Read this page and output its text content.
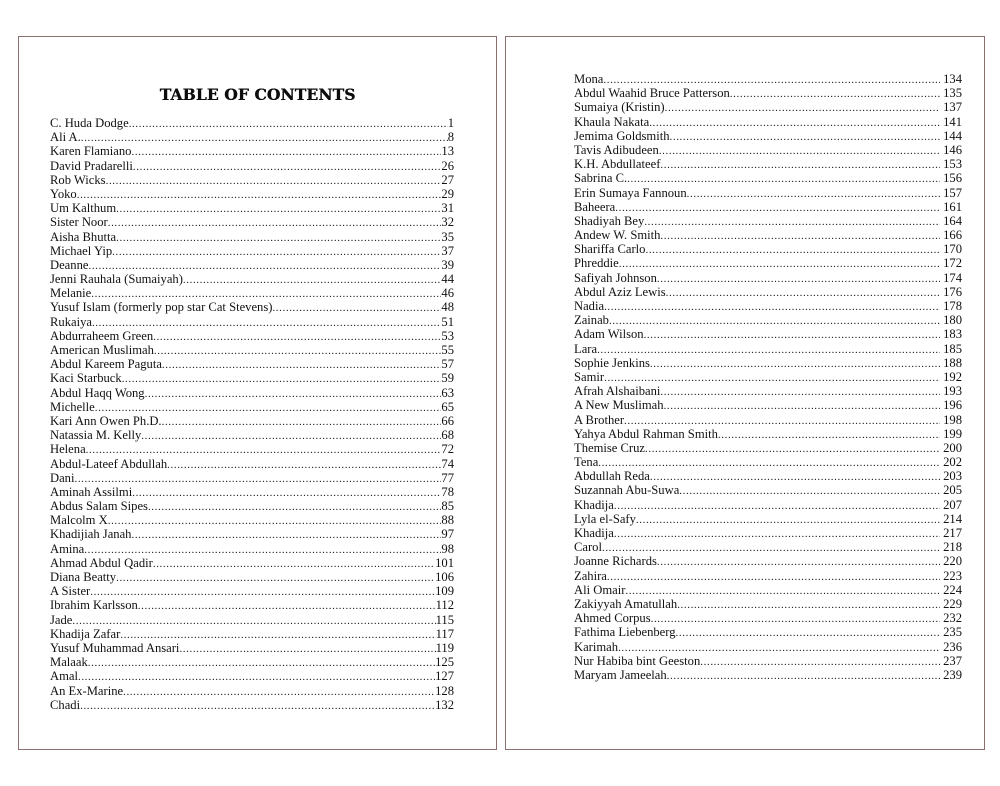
TABLE OF CONTENTS
C. Huda Dodge .....	1
Ali A. .....	8
Karen Flamiano .....	13
David Pradarelli .....	26
Rob Wicks .....	27
Yoko .....	29
Um Kalthum .....	31
Sister Noor .....	32
Aisha Bhutta .....	35
Michael Yip .....	37
Deanne .....	39
Jenni Rauhala (Sumaiyah) .....	44
Melanie .....	46
Yusuf Islam (formerly pop star Cat Stevens) .....	48
Rukaiya .....	51
Abdurraheem Green .....	53
American Muslimah .....	55
Abdul Kareem Paguta .....	57
Kaci Starbuck .....	59
Abdul Haqq Wong .....	63
Michelle .....	65
Kari Ann Owen Ph.D. .....	66
Natassia M. Kelly .....	68
Helena .....	72
Abdul-Lateef Abdullah .....	74
Dani .....	77
Aminah Assilmi .....	78
Abdus Salam Sipes .....	85
Malcolm X .....	88
Khadijiah Janah .....	97
Amina .....	98
Ahmad Abdul Qadir .....	101
Diana Beatty .....	106
A Sister .....	109
Ibrahim Karlsson .....	112
Jade .....	115
Khadija Zafar .....	117
Yusuf Muhammad Ansari .....	119
Malaak .....	125
Amal .....	127
An Ex-Marine .....	128
Chadi .....	132
Mona .....	134
Abdul Waahid Bruce Patterson .....	135
Sumaiya (Kristin) .....	137
Khaula Nakata .....	141
Jemima Goldsmith .....	144
Tavis Adibudeen .....	146
K.H. Abdullateef .....	153
Sabrina C. .....	156
Erin Sumaya Fannoun .....	157
Baheera .....	161
Shadiyah Bey .....	164
Andew W. Smith .....	166
Shariffa Carlo .....	170
Phreddie .....	172
Safiyah Johnson .....	174
Abdul Aziz Lewis .....	176
Nadia .....	178
Zainab .....	180
Adam Wilson .....	183
Lara .....	185
Sophie Jenkins .....	188
Samir .....	192
Afrah Alshaibani .....	193
A New Muslimah .....	196
A Brother .....	198
Yahya Abdul Rahman Smith .....	199
Themise Cruz .....	200
Tena .....	202
Abdullah Reda .....	203
Suzannah Abu-Suwa .....	205
Khadija .....	207
Lyla el-Safy .....	214
Khadija .....	217
Carol .....	218
Joanne Richards .....	220
Zahira .....	223
Ali Omair .....	224
Zakiyyah Amatullah .....	229
Ahmed Corpus .....	232
Fathima Liebenberg .....	235
Karimah .....	236
Nur Habiba bint Geeston .....	237
Maryam Jameelah .....	239
